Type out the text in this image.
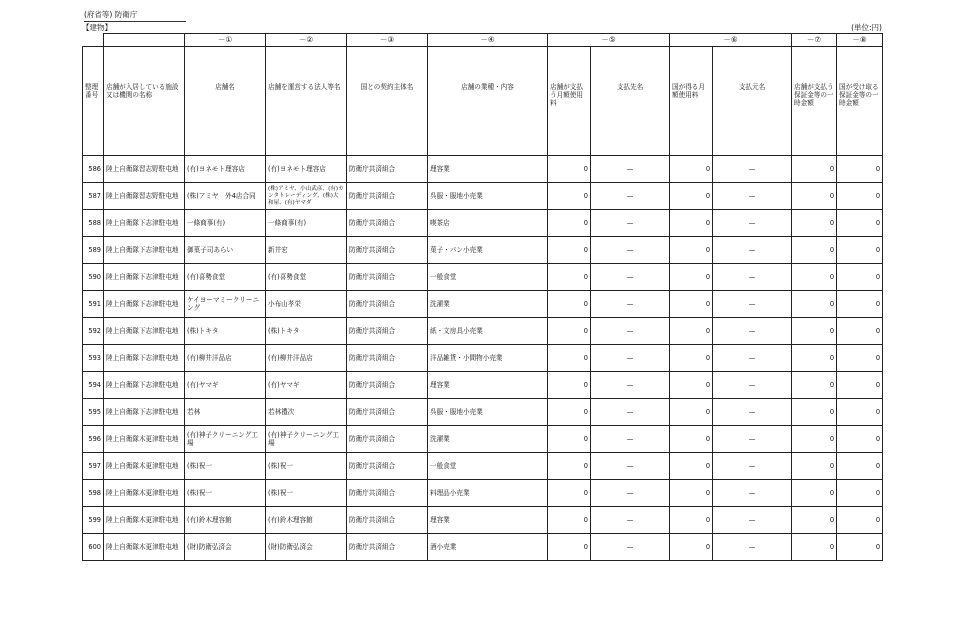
(府省等) 防衛庁
【建物】	(単位:円)
		－①	－②	－③	－④	－⑤		－⑥		－⑦	－⑧
整理番号	店舗が入居している施設又は機関の名称	店舗名	店舗を運営する法人等名	国との契約主体名	店舗の業種・内容	店舗が支払う月額使用料	支払先名	国が得る月額使用料	支払元名	店舗が支払う保証金等の一時金額	国が受け取る保証金等の一時金額
586	陸上自衛隊習志野駐屯地	(有)ヨネモト理容店	(有)ヨネモト理容店	防衛庁共済組合	理容業	0	—	0	—	0	0
587	陸上自衛隊習志野駐屯地	(株)アミヤ　外4店合同	(株)アミヤ、小山武彦、(有)カンタトレーディング、(株)大和屋、(有)ヤマダ	防衛庁共済組合	呉服・服地小売業	0	—	0	—	0	0
588	陸上自衛隊下志津駐屯地	一條商事(有)	一條商事(有)	防衛庁共済組合	喫茶店	0	—	0	—	0	0
589	陸上自衛隊下志津駐屯地	御菓子司あらい	新井宏	防衛庁共済組合	菓子・パン小売業	0	—	0	—	0	0
590	陸上自衛隊下志津駐屯地	(有)喜勢食堂	(有)喜勢食堂	防衛庁共済組合	一般食堂	0	—	0	—	0	0
591	陸上自衛隊下志津駐屯地	ケイヨーマミークリーニング	小布山孝栄	防衛庁共済組合	洗濯業	0	—	0	—	0	0
592	陸上自衛隊下志津駐屯地	(株)トキタ	(株)トキタ	防衛庁共済組合	紙・文房具小売業	0	—	0	—	0	0
593	陸上自衛隊下志津駐屯地	(有)柳井洋品店	(有)柳井洋品店	防衛庁共済組合	洋品雑貨・小間物小売業	0	—	0	—	0	0
594	陸上自衛隊下志津駐屯地	(有)ヤマギ	(有)ヤマギ	防衛庁共済組合	理容業	0	—	0	—	0	0
595	陸上自衛隊下志津駐屯地	若林	若林禮次	防衛庁共済組合	呉服・服地小売業	0	—	0	—	0	0
596	陸上自衛隊木更津駐屯地	(有)神子クリーニング工場	(有)神子クリーニング工場	防衛庁共済組合	洗濯業	0	—	0	—	0	0
597	陸上自衛隊木更津駐屯地	(株)祝一	(株)祝一	防衛庁共済組合	一般食堂	0	—	0	—	0	0
598	陸上自衛隊木更津駐屯地	(株)祝一	(株)祝一	防衛庁共済組合	料理品小売業	0	—	0	—	0	0
599	陸上自衛隊木更津駐屯地	(有)鈴木理容館	(有)鈴木理容館	防衛庁共済組合	理容業	0	—	0	—	0	0
600	陸上自衛隊木更津駐屯地	(財)防衛弘済会	(財)防衛弘済会	防衛庁共済組合	酒小売業	0	—	0	—	0	0
